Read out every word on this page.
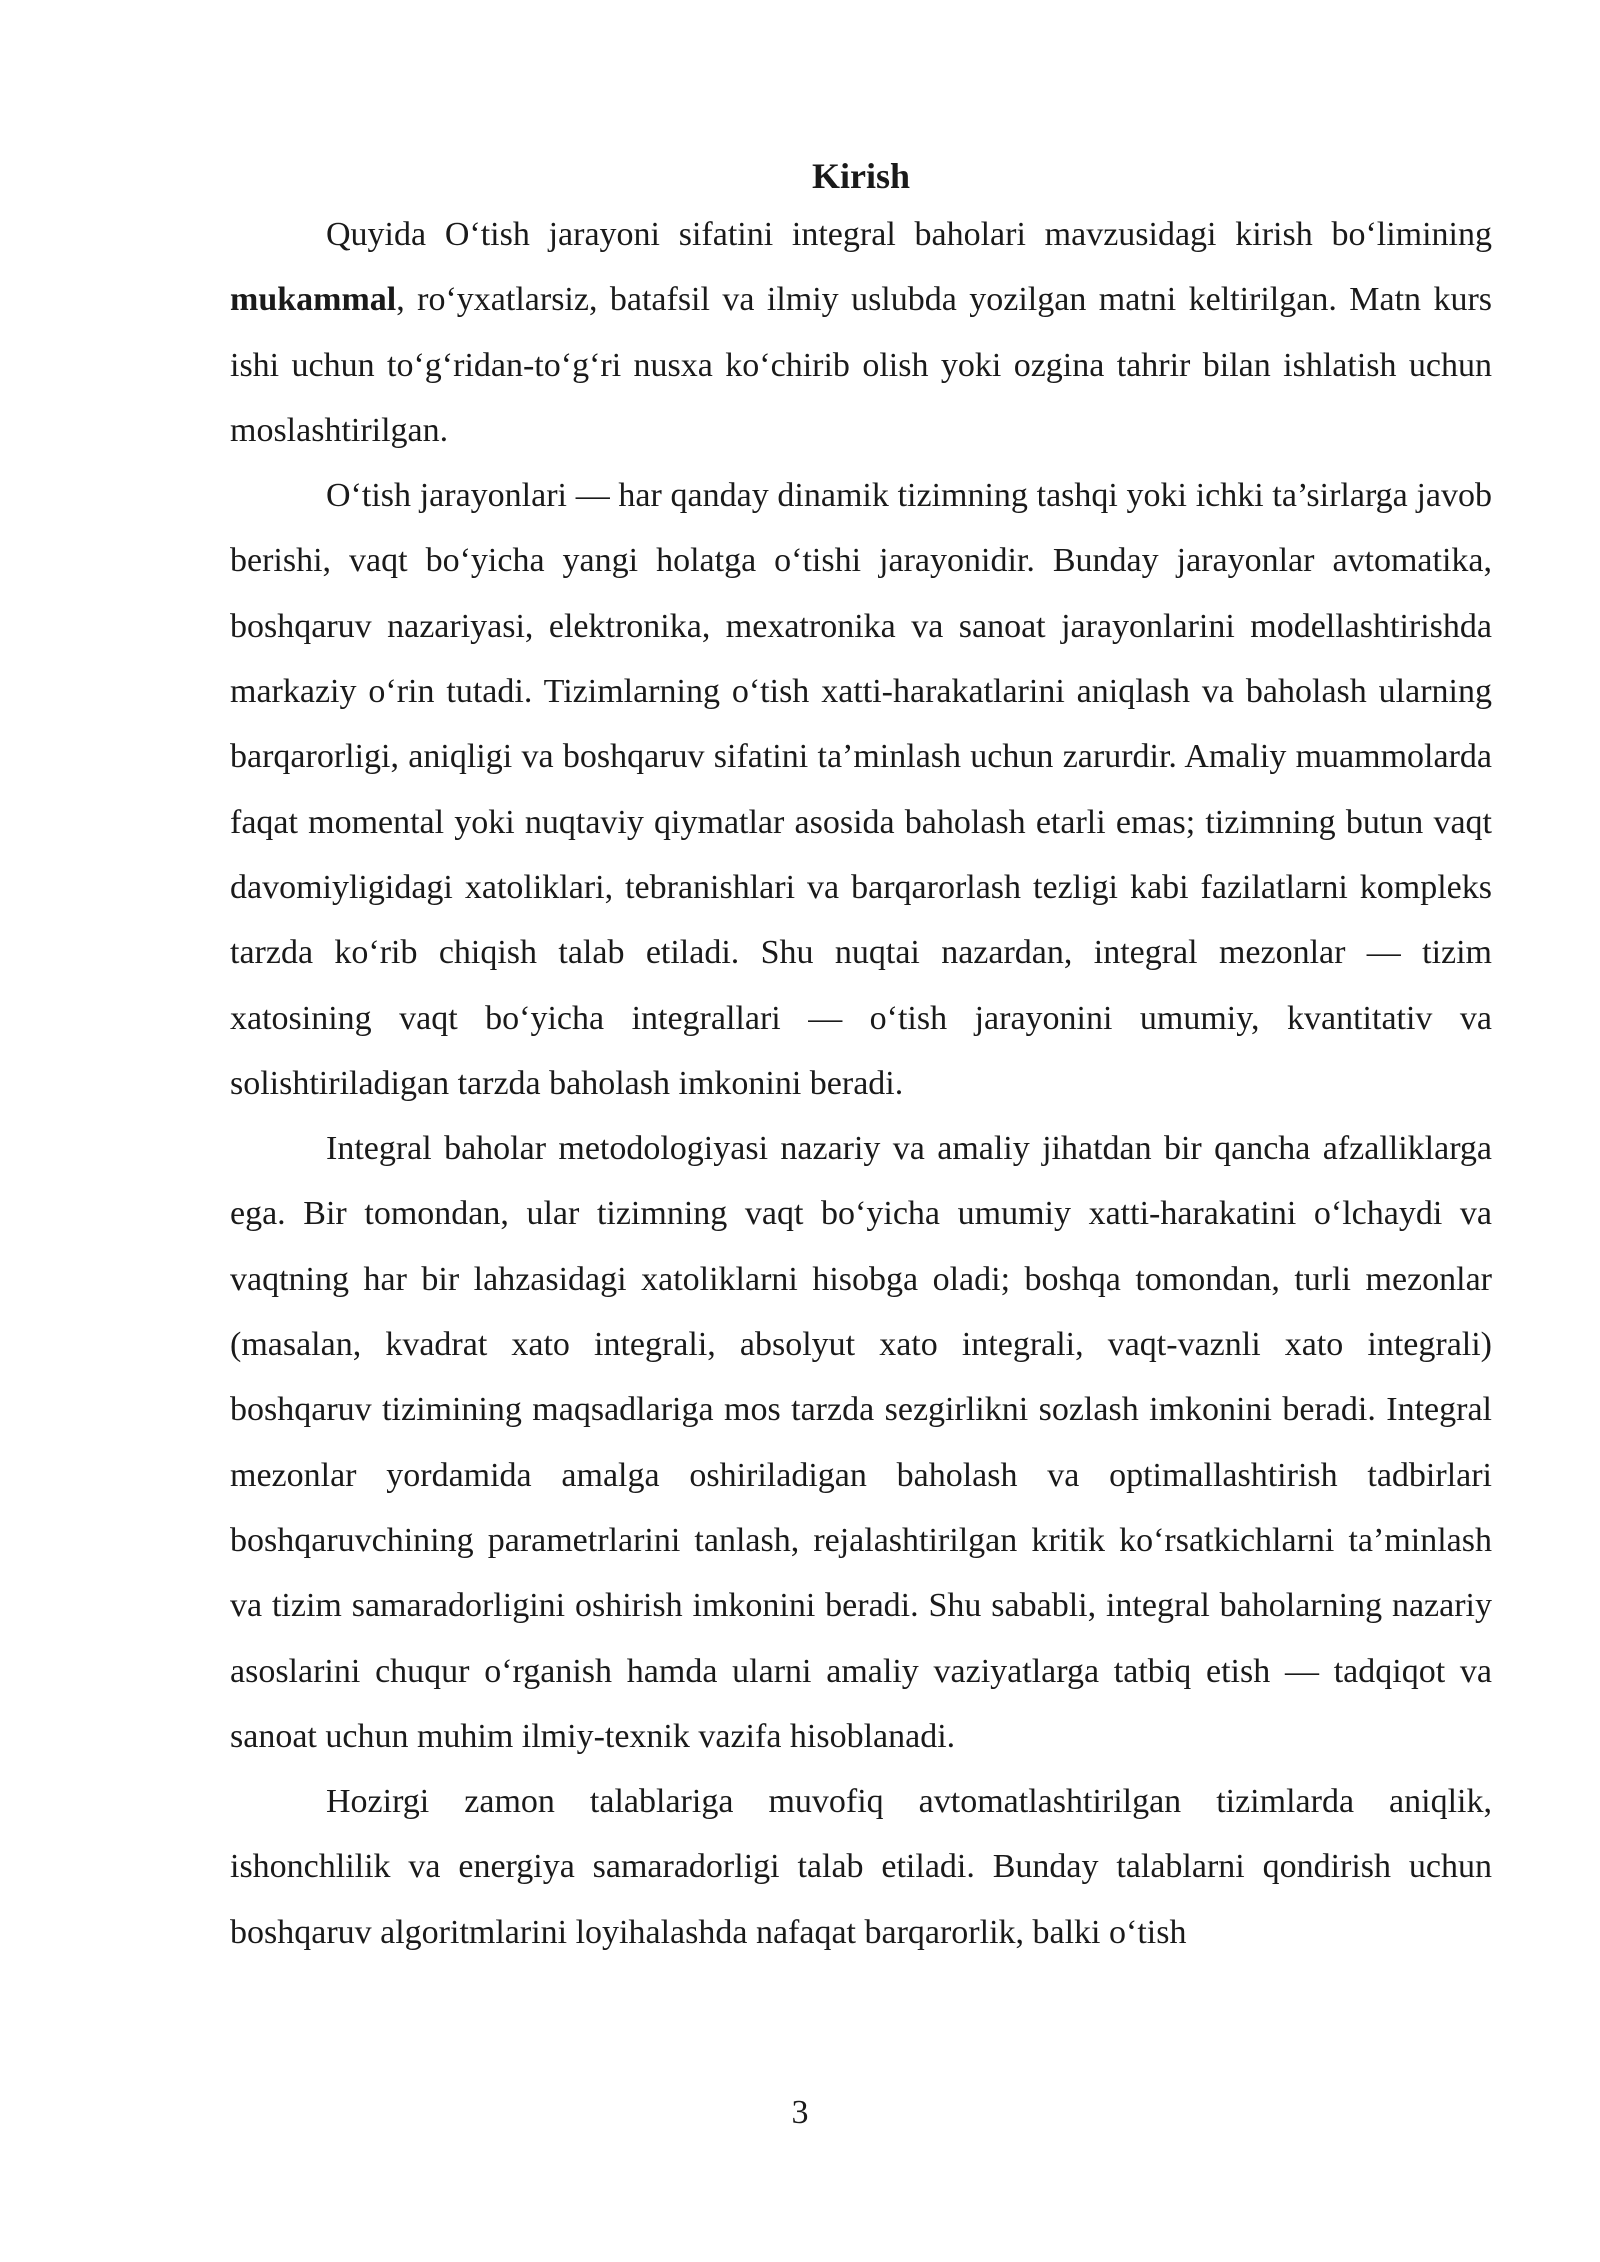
Kirish

Quyida O‘tish jarayoni sifatini integral baholari mavzusidagi kirish bo‘limining mukammal, ro‘yxatlarsiz, batafsil va ilmiy uslubda yozilgan matni keltirilgan. Matn kurs ishi uchun to‘g‘ridan-to‘g‘ri nusxa ko‘chirib olish yoki ozgina tahrir bilan ishlatish uchun moslashtirilgan.

O‘tish jarayonlari — har qanday dinamik tizimning tashqi yoki ichki ta’sirlarga javob berishi, vaqt bo‘yicha yangi holatga o‘tishi jarayonidir. Bunday jarayonlar avtomatika, boshqaruv nazariyasi, elektronika, mexatronika va sanoat jarayonlarini modellashtirishda markaziy o‘rin tutadi. Tizimlarning o‘tish xatti-harakatlarini aniqlash va baholash ularning barqarorligi, aniqligi va boshqaruv sifatini ta’minlash uchun zarurdir. Amaliy muammolarda faqat momental yoki nuqtaviy qiymatlar asosida baholash etarli emas; tizimning butun vaqt davomiyligidagi xatoliklari, tebranishlari va barqarorlash tezligi kabi fazilatlarni kompleks tarzda ko‘rib chiqish talab etiladi. Shu nuqtai nazardan, integral mezonlar — tizim xatosining vaqt bo‘yicha integrallari — o‘tish jarayonini umumiy, kvantitativ va solishtiriladigan tarzda baholash imkonini beradi.

Integral baholar metodologiyasi nazariy va amaliy jihatdan bir qancha afzalliklarga ega. Bir tomondan, ular tizimning vaqt bo‘yicha umumiy xatti-harakatini o‘lchaydi va vaqtning har bir lahzasidagi xatoliklarni hisobga oladi; boshqa tomondan, turli mezonlar (masalan, kvadrat xato integrali, absolyut xato integrali, vaqt-vaznli xato integrali) boshqaruv tizimining maqsadlariga mos tarzda sezgirlikni sozlash imkonini beradi. Integral mezonlar yordamida amalga oshiriladigan baholash va optimallashtirish tadbirlari boshqaruvchining parametrlarini tanlash, rejalashtirilgan kritik ko‘rsatkichlarni ta’minlash va tizim samaradorligini oshirish imkonini beradi. Shu sababli, integral baholarning nazariy asoslarini chuqur o‘rganish hamda ularni amaliy vaziyatlarga tatbiq etish — tadqiqot va sanoat uchun muhim ilmiy-texnik vazifa hisoblanadi.

Hozirgi zamon talablariga muvofiq avtomatlashtirilgan tizimlarda aniqlik, ishonchlilik va energiya samaradorligi talab etiladi. Bunday talablarni qondirish uchun boshqaruv algoritmlarini loyihalashda nafaqat barqarorlik, balki o‘tish

3
